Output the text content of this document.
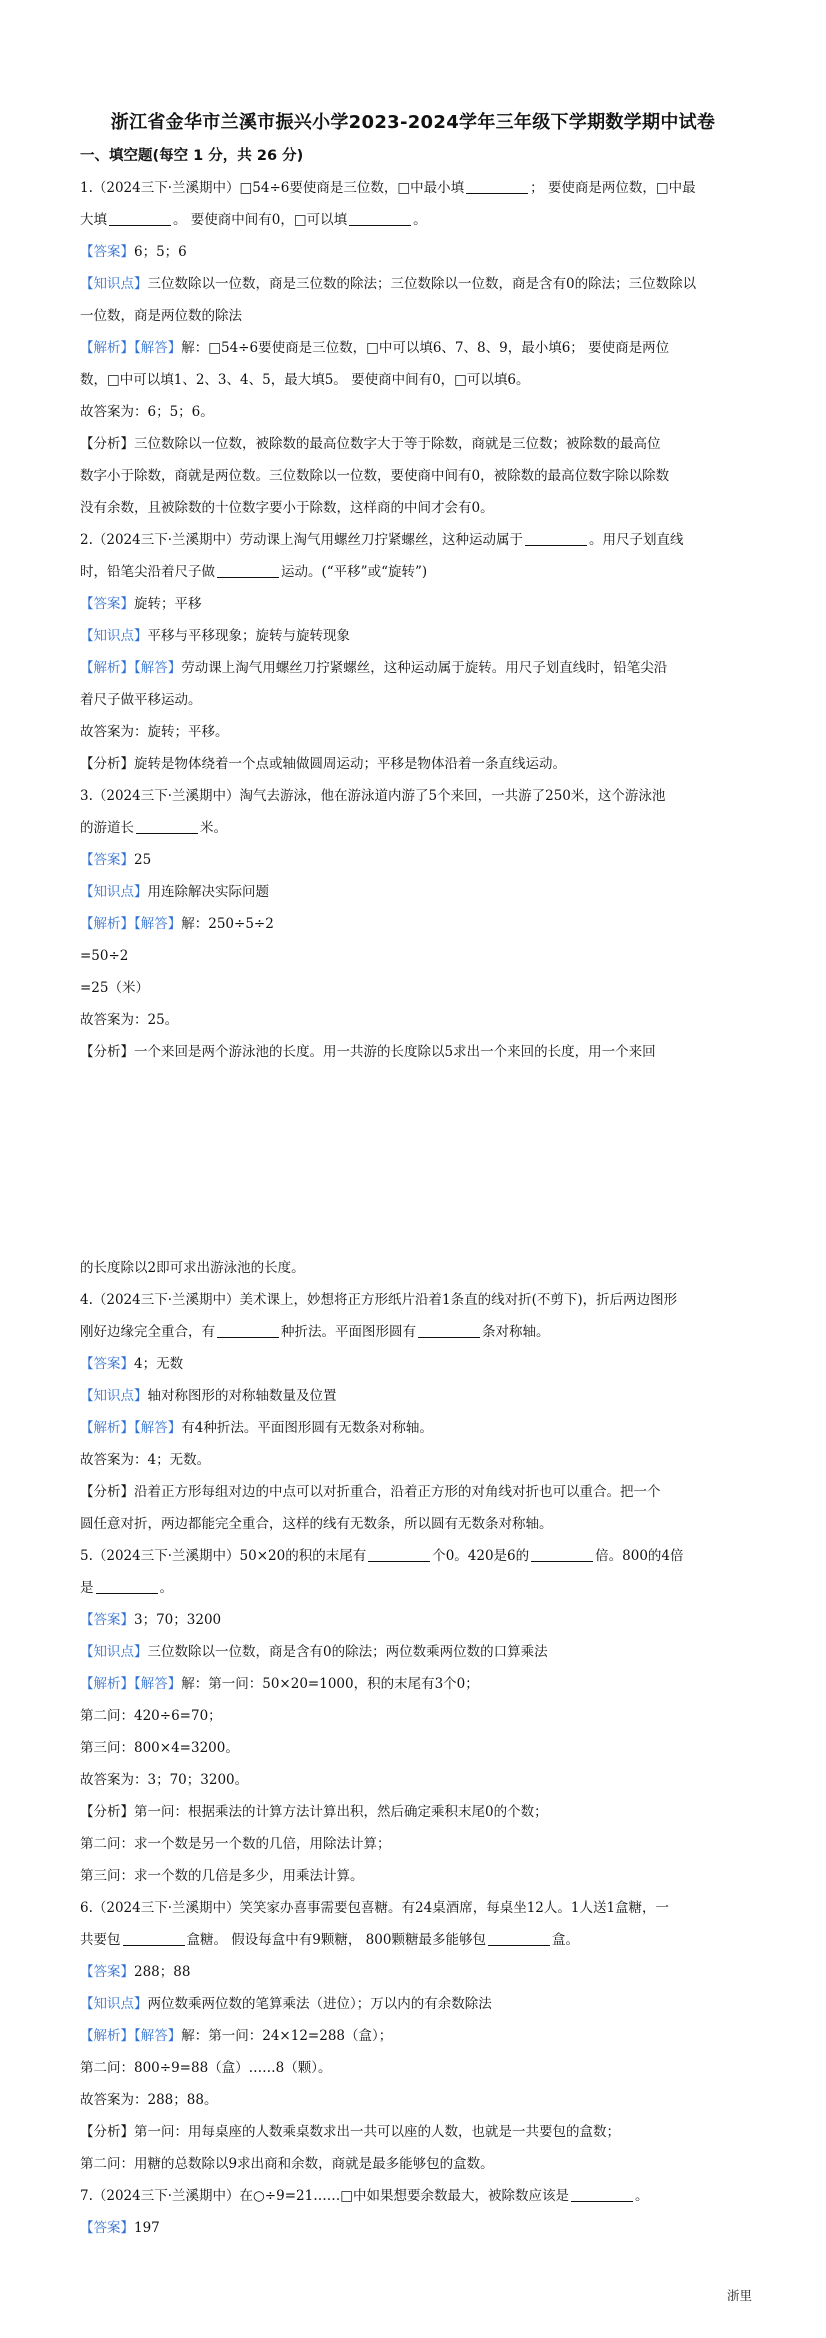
浙江省金华市兰溪市振兴小学2023-2024学年三年级下学期数学期中试卷
一、填空题(每空 1 分，共 26 分)

1.（2024三下·兰溪期中）□54÷6要使商是三位数，□中最小填	； 要使商是两位数，□中最

大填	。 要使商中间有0，□可以填	。

【答案】6；5；6

【知识点】三位数除以一位数，商是三位数的除法；三位数除以一位数，商是含有0的除法；三位数除以

一位数，商是两位数的除法

【解析】【解答】解：□54÷6要使商是三位数，□中可以填6、7、8、9，最小填6； 要使商是两位

数，□中可以填1、2、3、4、5，最大填5。 要使商中间有0，□可以填6。

故答案为：6；5；6。

【分析】三位数除以一位数，被除数的最高位数字大于等于除数，商就是三位数；被除数的最高位

数字小于除数，商就是两位数。三位数除以一位数，要使商中间有0，被除数的最高位数字除以除数

没有余数，且被除数的十位数字要小于除数，这样商的中间才会有0。

2.（2024三下·兰溪期中）劳动课上淘气用螺丝刀拧紧螺丝，这种运动属于	。用尺子划直线

时，铅笔尖沿着尺子做	运动。(“平移”或“旋转”)

【答案】旋转；平移

【知识点】平移与平移现象；旋转与旋转现象

【解析】【解答】劳动课上淘气用螺丝刀拧紧螺丝，这种运动属于旋转。用尺子划直线时，铅笔尖沿

着尺子做平移运动。

故答案为：旋转；平移。

【分析】旋转是物体绕着一个点或轴做圆周运动；平移是物体沿着一条直线运动。

3.（2024三下·兰溪期中）淘气去游泳，他在游泳道内游了5个来回，一共游了250米，这个游泳池

的游道长	米。

【答案】25

【知识点】用连除解决实际问题

【解析】【解答】解：250÷5÷2

=50÷2

=25（米）

故答案为：25。

【分析】一个来回是两个游泳池的长度。用一共游的长度除以5求出一个来回的长度，用一个来回

的长度除以2即可求出游泳池的长度。

4.（2024三下·兰溪期中）美术课上，妙想将正方形纸片沿着1条直的线对折(不剪下)，折后两边图形

刚好边缘完全重合，有	种折法。平面图形圆有	条对称轴。

【答案】4；无数

【知识点】轴对称图形的对称轴数量及位置

【解析】【解答】有4种折法。平面图形圆有无数条对称轴。

故答案为：4；无数。

【分析】沿着正方形每组对边的中点可以对折重合，沿着正方形的对角线对折也可以重合。把一个

圆任意对折，两边都能完全重合，这样的线有无数条，所以圆有无数条对称轴。

5.（2024三下·兰溪期中）50×20的积的末尾有	个0。420是6的	倍。800的4倍

是	。

【答案】3；70；3200

【知识点】三位数除以一位数，商是含有0的除法；两位数乘两位数的口算乘法

【解析】【解答】解：第一问：50×20=1000，积的末尾有3个0；

第二问：420÷6=70；

第三问：800×4=3200。

故答案为：3；70；3200。

【分析】第一问：根据乘法的计算方法计算出积，然后确定乘积末尾0的个数；

第二问：求一个数是另一个数的几倍，用除法计算；

第三问：求一个数的几倍是多少，用乘法计算。

6.（2024三下·兰溪期中）笑笑家办喜事需要包喜糖。有24桌酒席，每桌坐12人。1人送1盒糖，一

共要包	盒糖。 假设每盒中有9颗糖， 800颗糖最多能够包	盒。

【答案】288；88

【知识点】两位数乘两位数的笔算乘法（进位）；万以内的有余数除法

【解析】【解答】解：第一问：24×12=288（盒）；

第二问：800÷9=88（盒）……8（颗）。

故答案为：288；88。

【分析】第一问：用每桌座的人数乘桌数求出一共可以座的人数，也就是一共要包的盒数；

第二问：用糖的总数除以9求出商和余数，商就是最多能够包的盒数。

7.（2024三下·兰溪期中）在○÷9=21……□中如果想要余数最大，被除数应该是	。

【答案】197

浙里
